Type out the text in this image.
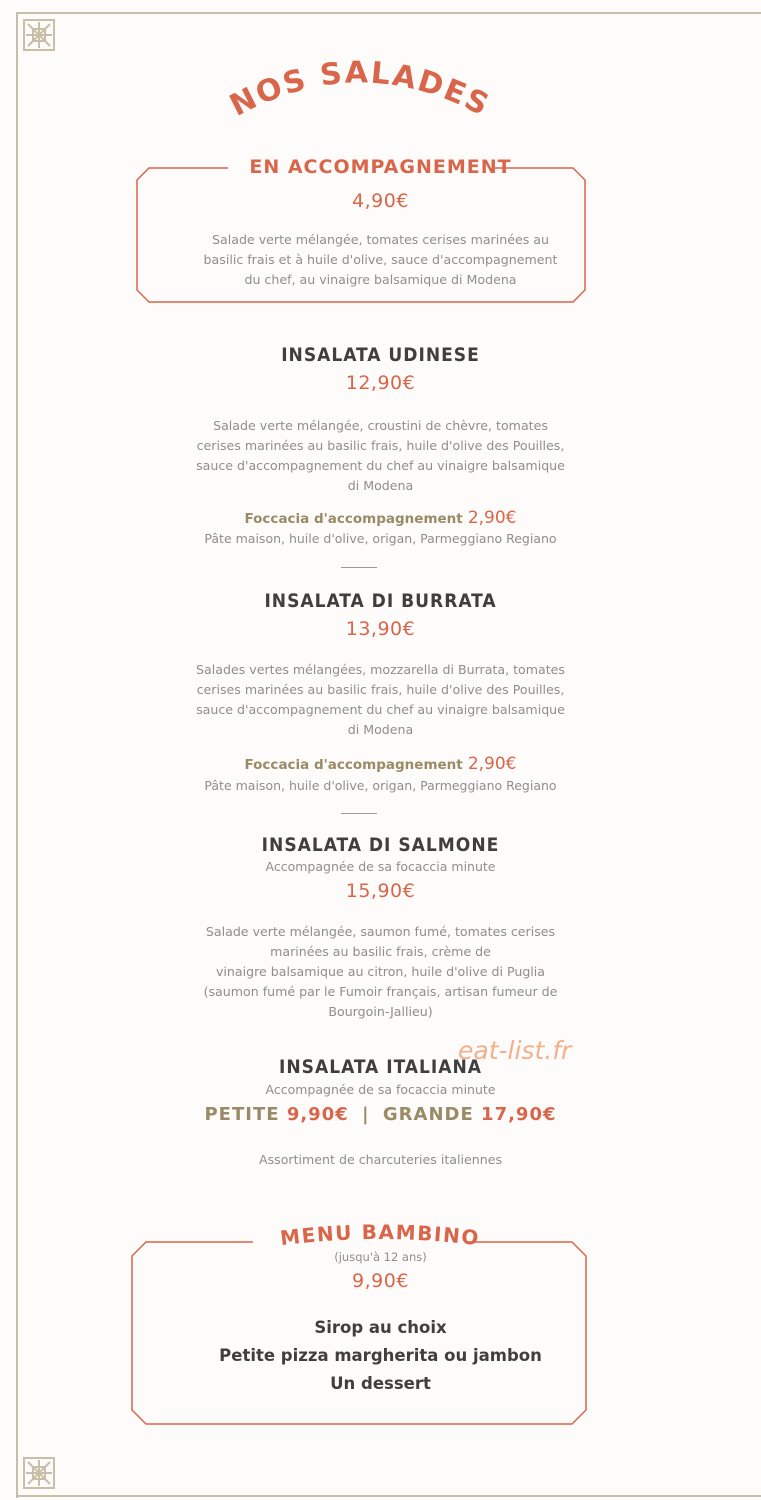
NOS SALADES
EN ACCOMPAGNEMENT
4,90€
Salade verte mélangée, tomates cerises marinées au
basilic frais et à huile d'olive, sauce d'accompagnement
du chef, au vinaigre balsamique di Modena
INSALATA UDINESE
12,90€
Salade verte mélangée, croustini de chèvre, tomates
cerises marinées au basilic frais, huile d'olive des Pouilles,
sauce d'accompagnement du chef au vinaigre balsamique
di Modena
Foccacia d'accompagnement 2,90€
Pâte maison, huile d'olive, origan, Parmeggiano Regiano
INSALATA DI BURRATA
13,90€
Salades vertes mélangées, mozzarella di Burrata, tomates
cerises marinées au basilic frais, huile d'olive des Pouilles,
sauce d'accompagnement du chef au vinaigre balsamique
di Modena
Foccacia d'accompagnement 2,90€
Pâte maison, huile d'olive, origan, Parmeggiano Regiano
INSALATA DI SALMONE
Accompagnée de sa focaccia minute
15,90€
Salade verte mélangée, saumon fumé, tomates cerises
marinées au basilic frais, crème de
vinaigre balsamique au citron, huile d'olive di Puglia
(saumon fumé par le Fumoir français, artisan fumeur de
Bourgoin-Jallieu)
INSALATA ITALIANA
eat-list.fr
Accompagnée de sa focaccia minute
PETITE 9,90€ | GRANDE 17,90€
Assortiment de charcuteries italiennes
MENU BAMBINO
(jusqu'à 12 ans)
9,90€
Sirop au choix
Petite pizza margherita ou jambon
Un dessert
